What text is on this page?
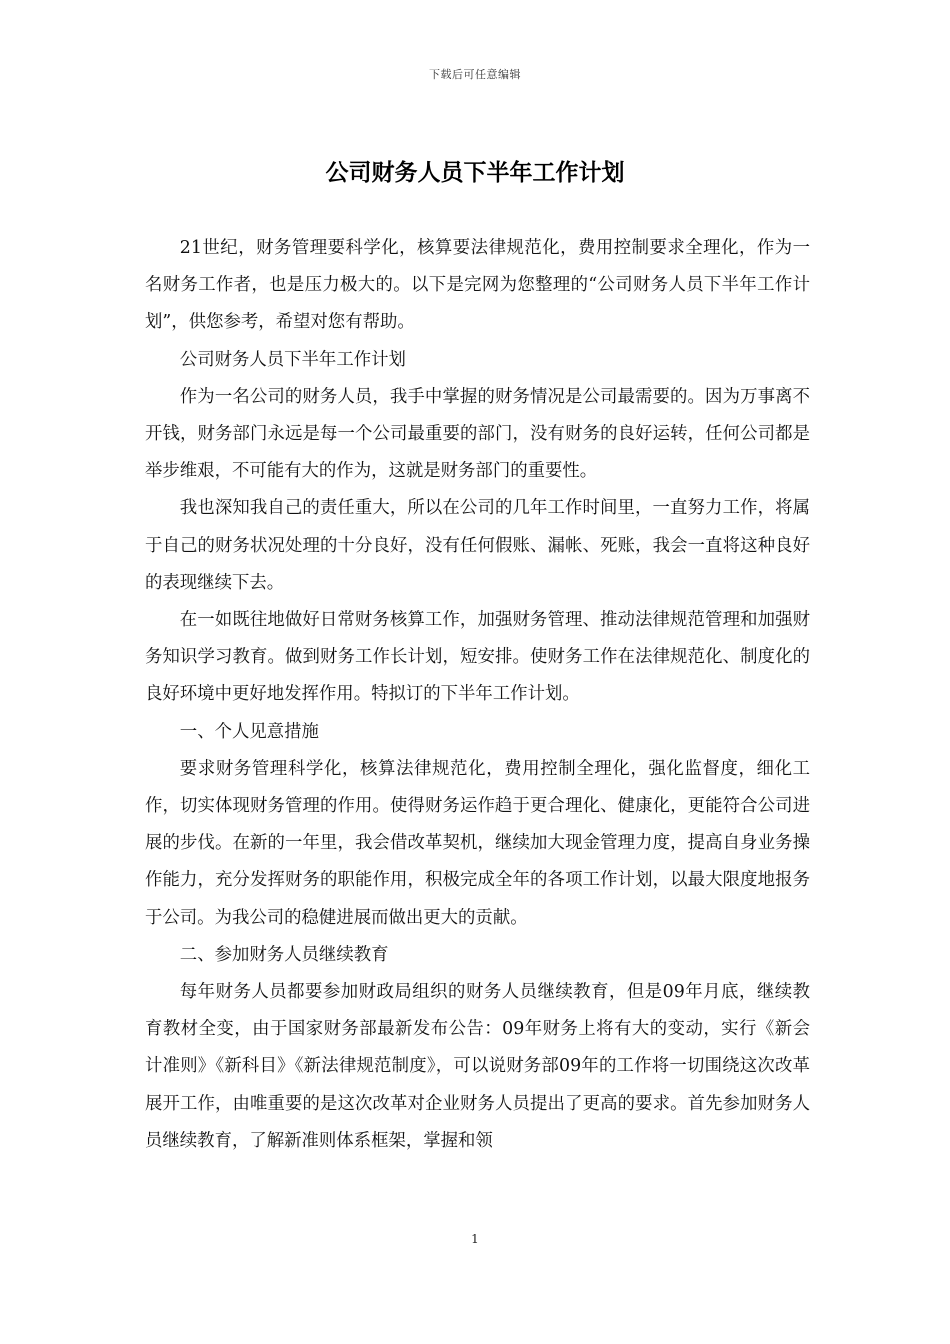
下载后可任意编辑
公司财务人员下半年工作计划

21世纪，财务管理要科学化，核算要法律规范化，费用控制要求全理化，作为一名财务工作者，也是压力极大的。以下是完网为您整理的“公司财务人员下半年工作计划”，供您参考，希望对您有帮助。

公司财务人员下半年工作计划

作为一名公司的财务人员，我手中掌握的财务情况是公司最需要的。因为万事离不开钱，财务部门永远是每一个公司最重要的部门，没有财务的良好运转，任何公司都是举步维艰，不可能有大的作为，这就是财务部门的重要性。

我也深知我自己的责任重大，所以在公司的几年工作时间里，一直努力工作，将属于自己的财务状况处理的十分良好，没有任何假账、漏帐、死账，我会一直将这种良好的表现继续下去。

在一如既往地做好日常财务核算工作，加强财务管理、推动法律规范管理和加强财务知识学习教育。做到财务工作长计划，短安排。使财务工作在法律规范化、制度化的良好环境中更好地发挥作用。特拟订的下半年工作计划。

一、个人见意措施

要求财务管理科学化，核算法律规范化，费用控制全理化，强化监督度，细化工作，切实体现财务管理的作用。使得财务运作趋于更合理化、健康化，更能符合公司进展的步伐。在新的一年里，我会借改革契机，继续加大现金管理力度，提高自身业务操作能力，充分发挥财务的职能作用，积极完成全年的各项工作计划，以最大限度地报务于公司。为我公司的稳健进展而做出更大的贡献。

二、参加财务人员继续教育

每年财务人员都要参加财政局组织的财务人员继续教育，但是09年月底，继续教育教材全变，由于国家财务部最新发布公告：09年财务上将有大的变动，实行《新会计准则》《新科目》《新法律规范制度》，可以说财务部09年的工作将一切围绕这次改革展开工作，由唯重要的是这次改革对企业财务人员提出了更高的要求。首先参加财务人员继续教育，了解新准则体系框架，掌握和领

1
